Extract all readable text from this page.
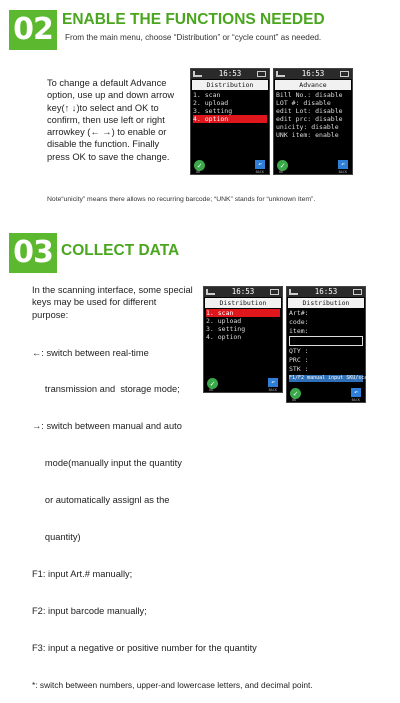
02 ENABLE THE FUNCTIONS NEEDED
From the main menu, choose “Distribution” or “cycle count” as needed.
To change a default Advance
option, use up and down arrow
key(↑ ↓)to select and OK to
confirm, then use left or right
arrowkey (← →) to enable or
disable the function. Finally
press OK to save the change.
16:53
Distribution
1. scan
2. upload
3. setting
4. option
✓
OK
↶
BACK
16:53
Advance
Bill No.: disable
LOT #: disable
edit Lot: disable
edit prc: disable
unicity: disable
UNK item: enable
✓
OK
↶
BACK
Note“unicity” means there allows no recurring barcode; “UNK” stands for “unknown Item”.
03 COLLECT DATA
In the scanning interface, some special
keys may be used for different
purpose:

←: switch between real-time

transmission and  storage mode;

→: switch between manual and auto

mode(manually input the quantity

or automatically assignl as the

quantity)

F1: input Art.# manually;

F2: input barcode manually;

F3: input a negative or positive number for the quantity

*: switch between numbers, upper-and lowercase letters, and decimal point.

16:53
Distribution
1. scan
2. upload
3. setting
4. option
✓
OK
↶
BACK
16:53
Distribution
Art#:
code:
item:
QTY :
PRC :
STK :
F1/F2 manual input SKU/scan
✓
OK
↶
BACK
